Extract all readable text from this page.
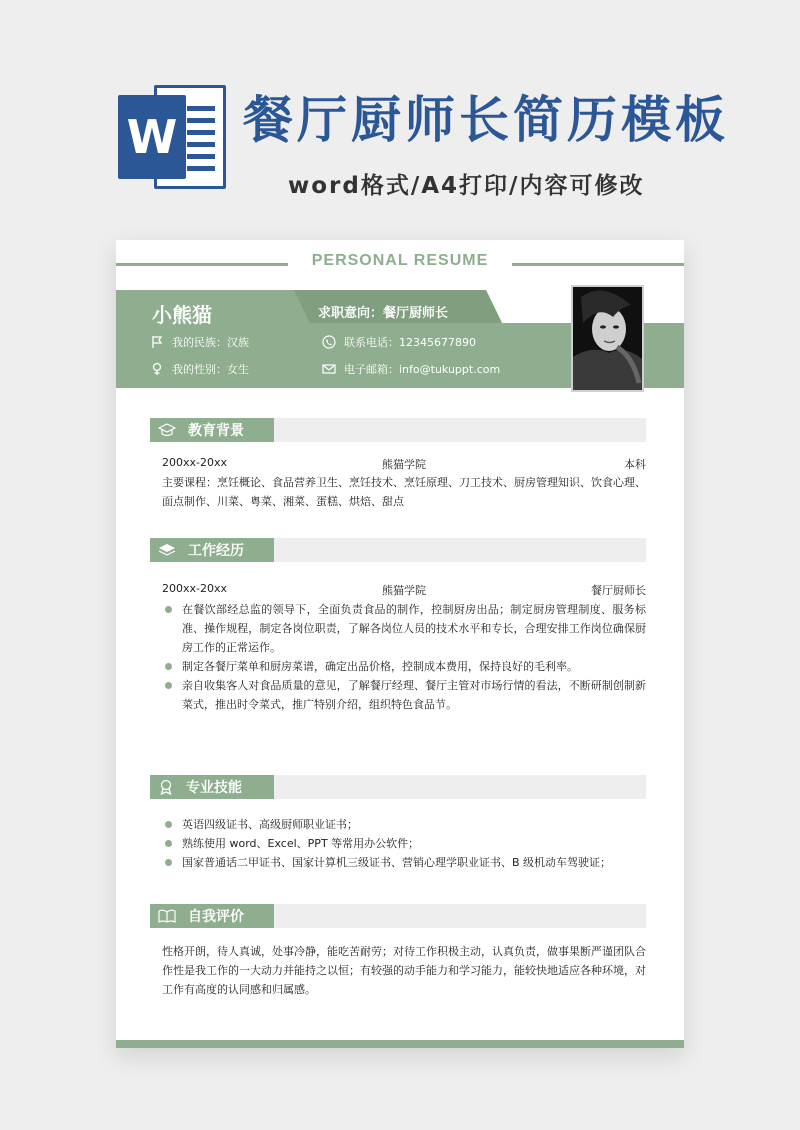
W 餐厅厨师长简历模板
word格式/A4打印/内容可修改
PERSONAL RESUME
小熊猫	求职意向：餐厅厨师长
我的民族：汉族
我的性别：女生
联系电话：12345677890
电子邮箱：info@tukuppt.com
教育背景
200xx-20xx	熊猫学院	本科
主要课程：烹饪概论、食品营养卫生、烹饪技术、烹饪原理、刀工技术、厨房管理知识、饮食心理、面点制作、川菜、粤菜、湘菜、蛋糕、烘焙、甜点
工作经历
200xx-20xx	熊猫学院	餐厅厨师长
在餐饮部经总监的领导下，全面负责食品的制作，控制厨房出品；制定厨房管理制度、服务标准、操作规程，制定各岗位职责，了解各岗位人员的技术水平和专长，合理安排工作岗位确保厨房工作的正常运作。
制定各餐厅菜单和厨房菜谱，确定出品价格，控制成本费用，保持良好的毛利率。
亲自收集客人对食品质量的意见，了解餐厅经理、餐厅主管对市场行情的看法，不断研制创制新菜式，推出时令菜式，推广特别介绍，组织特色食品节。
专业技能
英语四级证书、高级厨师职业证书；
熟练使用 word、Excel、PPT 等常用办公软件；
国家普通话二甲证书、国家计算机三级证书、营销心理学职业证书、B 级机动车驾驶证；
自我评价
性格开朗，待人真诚，处事冷静，能吃苦耐劳；对待工作积极主动，认真负责，做事果断严谨团队合作性是我工作的一大动力并能持之以恒；有较强的动手能力和学习能力，能较快地适应各种环境，对工作有高度的认同感和归属感。
